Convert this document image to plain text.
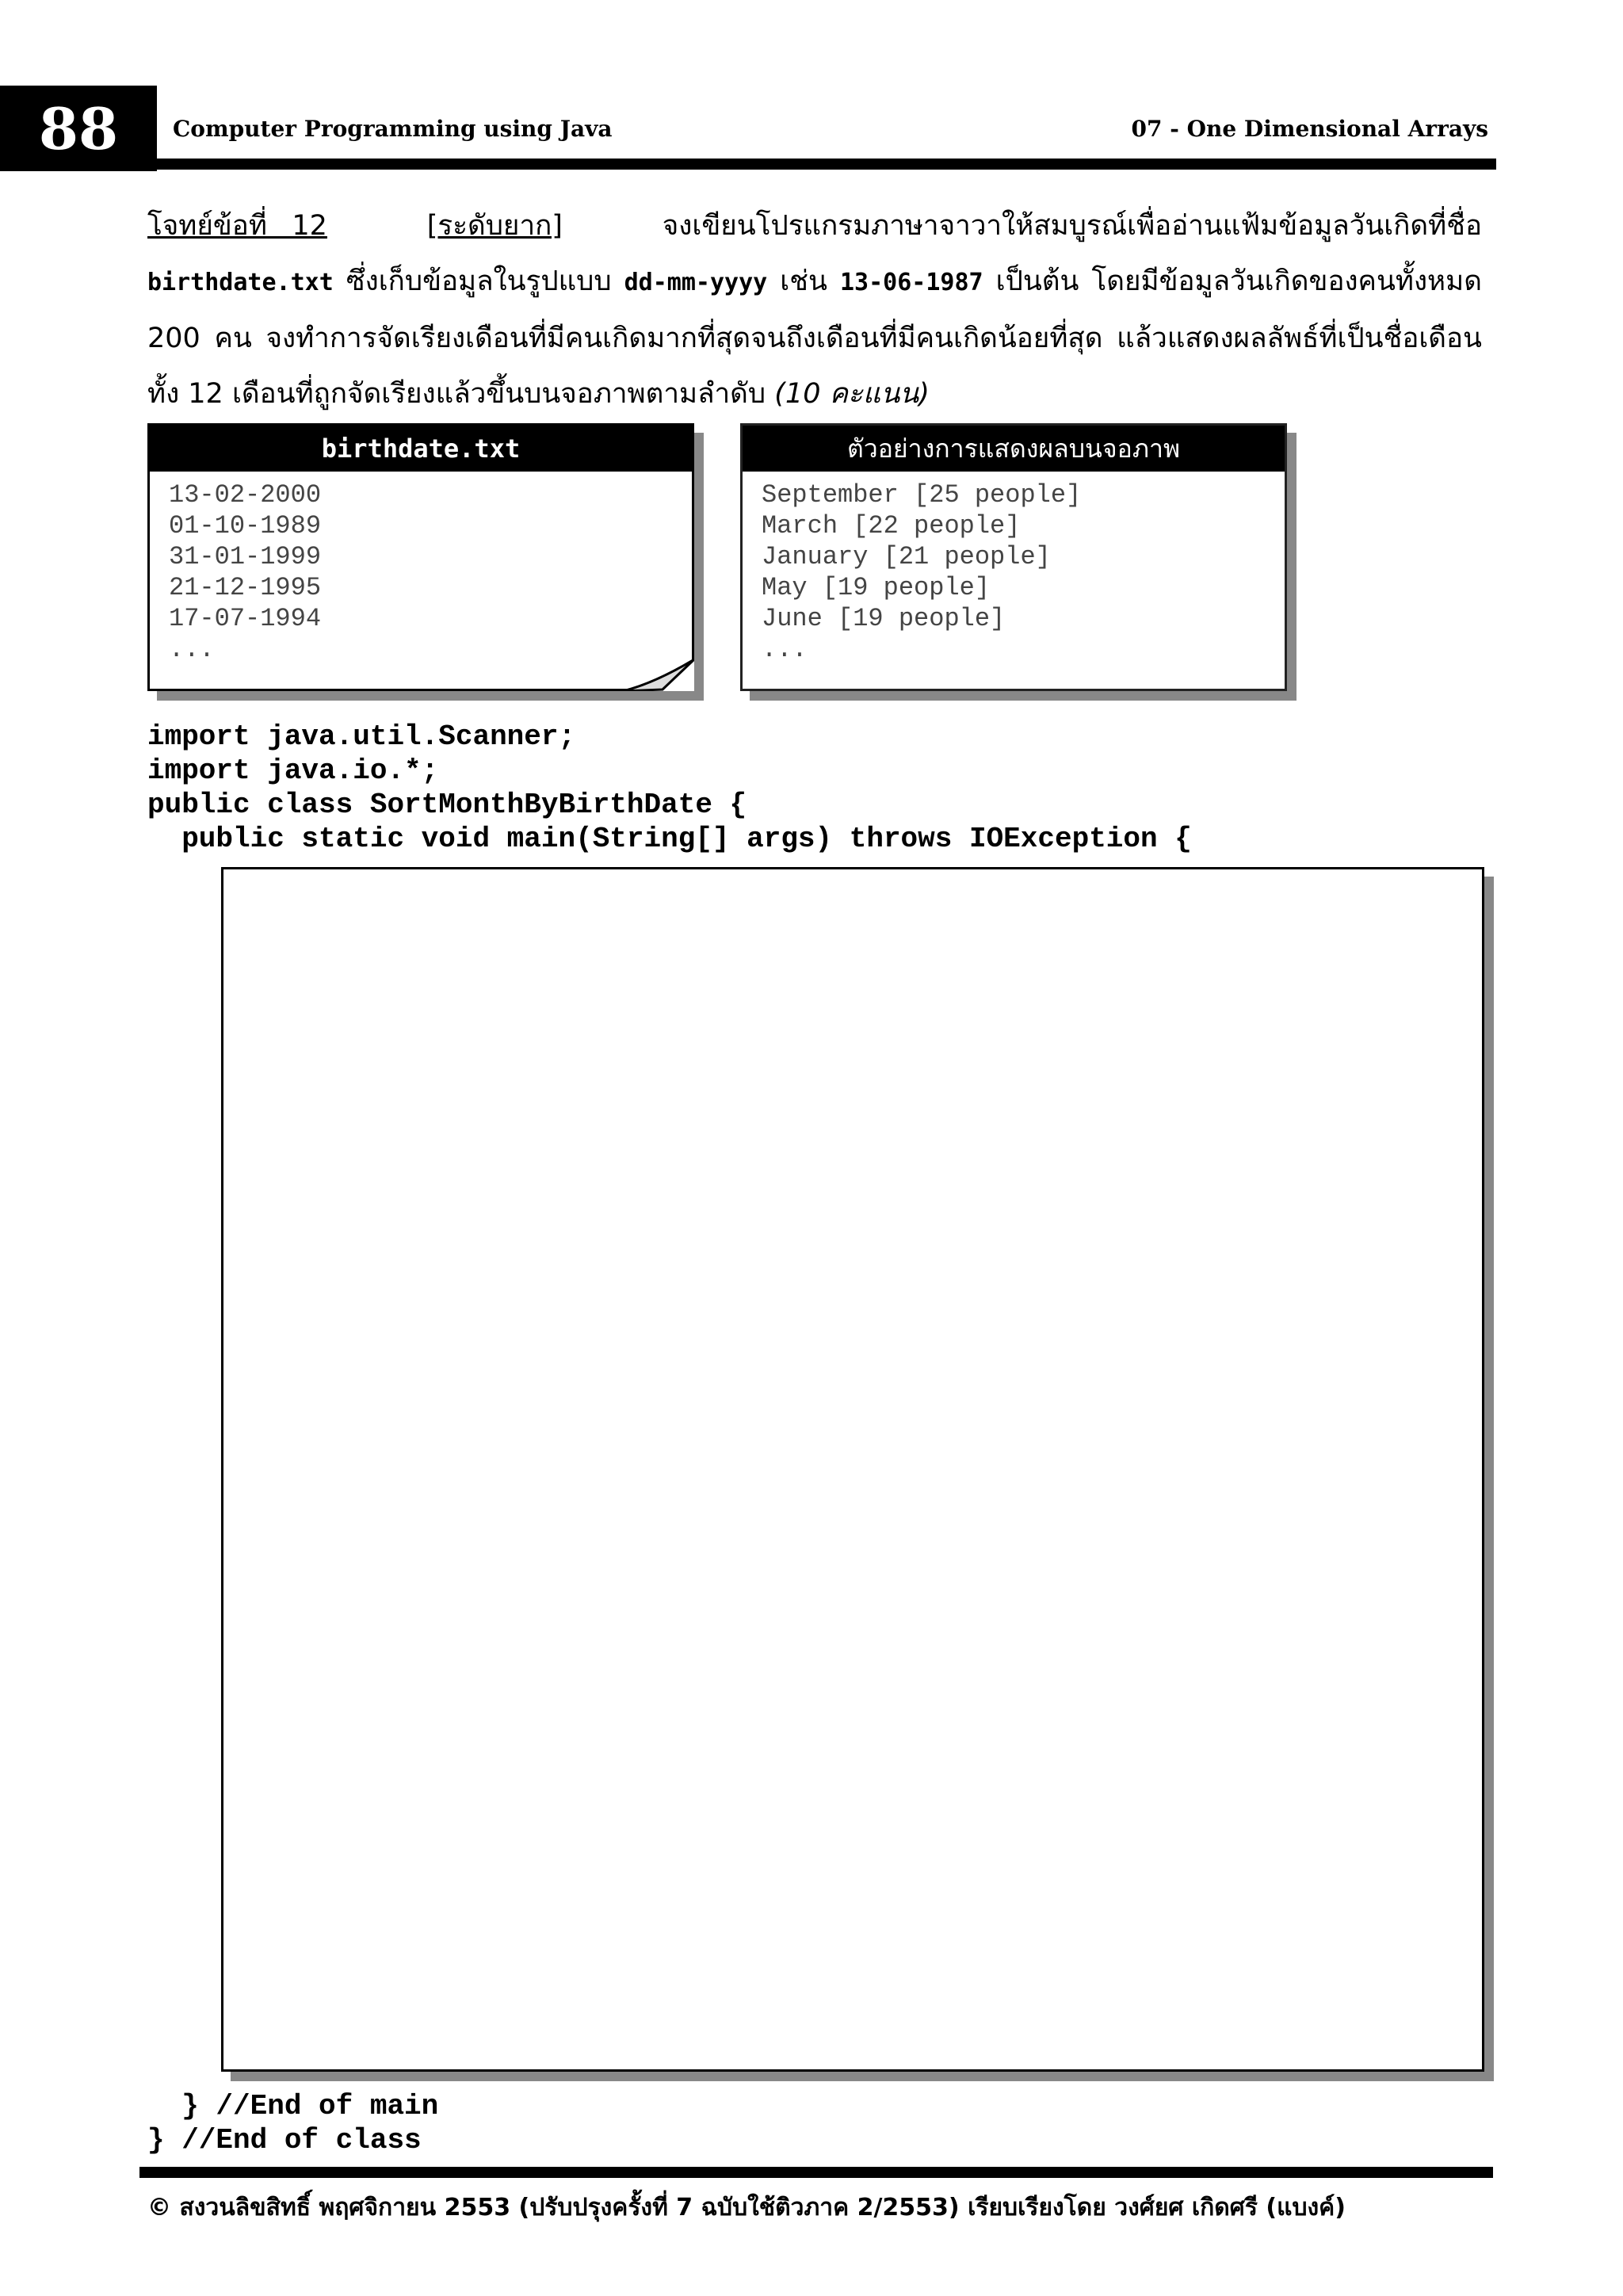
88	Computer Programming using Java	07 - One Dimensional Arrays
โจทย์ข้อที่ 12	[ระดับยาก]	จงเขียนโปรแกรมภาษาจาวาให้สมบูรณ์เพื่ออ่านแฟ้มข้อมูลวันเกิดที่ชื่อ birthdate.txt ซึ่งเก็บข้อมูลในรูปแบบ dd-mm-yyyy เช่น 13-06-1987 เป็นต้น โดยมีข้อมูลวันเกิดของคนทั้งหมด 200 คน จงทำการจัดเรียงเดือนที่มีคนเกิดมากที่สุดจนถึงเดือนที่มีคนเกิดน้อยที่สุด แล้วแสดงผลลัพธ์ที่เป็นชื่อเดือนทั้ง 12 เดือนที่ถูกจัดเรียงแล้วขึ้นบนจอภาพตามลำดับ (10 คะแนน)
birthdate.txt
13-02-2000
01-10-1989
31-01-1999
21-12-1995
17-07-1994
...
ตัวอย่างการแสดงผลบนจอภาพ
September [25 people]
March [22 people]
January [21 people]
May [19 people]
June [19 people]
...
import java.util.Scanner;
import java.io.*;
public class SortMonthByBirthDate {
public static void main(String[] args) throws IOException {
} //End of main
} //End of class
© สงวนลิขสิทธิ์ พฤศจิกายน 2553 (ปรับปรุงครั้งที่ 7 ฉบับใช้ติวภาค 2/2553) เรียบเรียงโดย วงศ์ยศ เกิดศรี (แบงค์)
